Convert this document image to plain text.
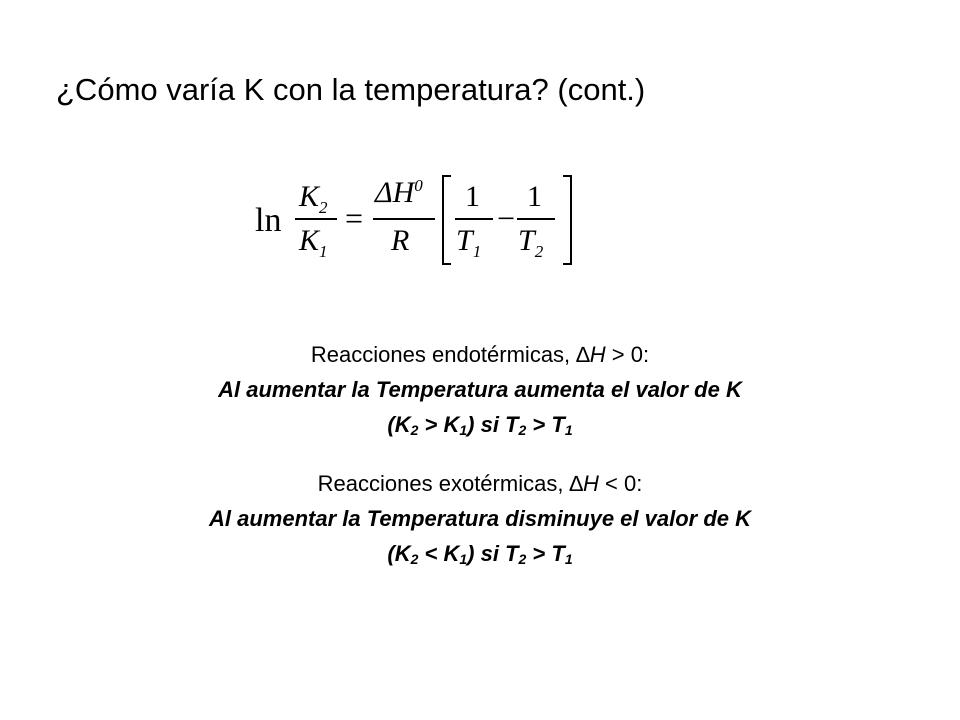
¿Cómo varía K con la temperatura? (cont.)
ln
$K_2$
$K_1$
=
$\Delta H^0$
R
1
$T_1$
−
1
$T_2$
Reacciones endotérmicas, ∆H > 0:
Al aumentar la Temperatura aumenta el valor de K
$(K_2 > K_1)$ si $T_2 > T_1$
Reacciones exotérmicas, ∆H < 0:
Al aumentar la Temperatura disminuye el valor de K
$(K_2 < K_1)$ si $T_2 > T_1$
